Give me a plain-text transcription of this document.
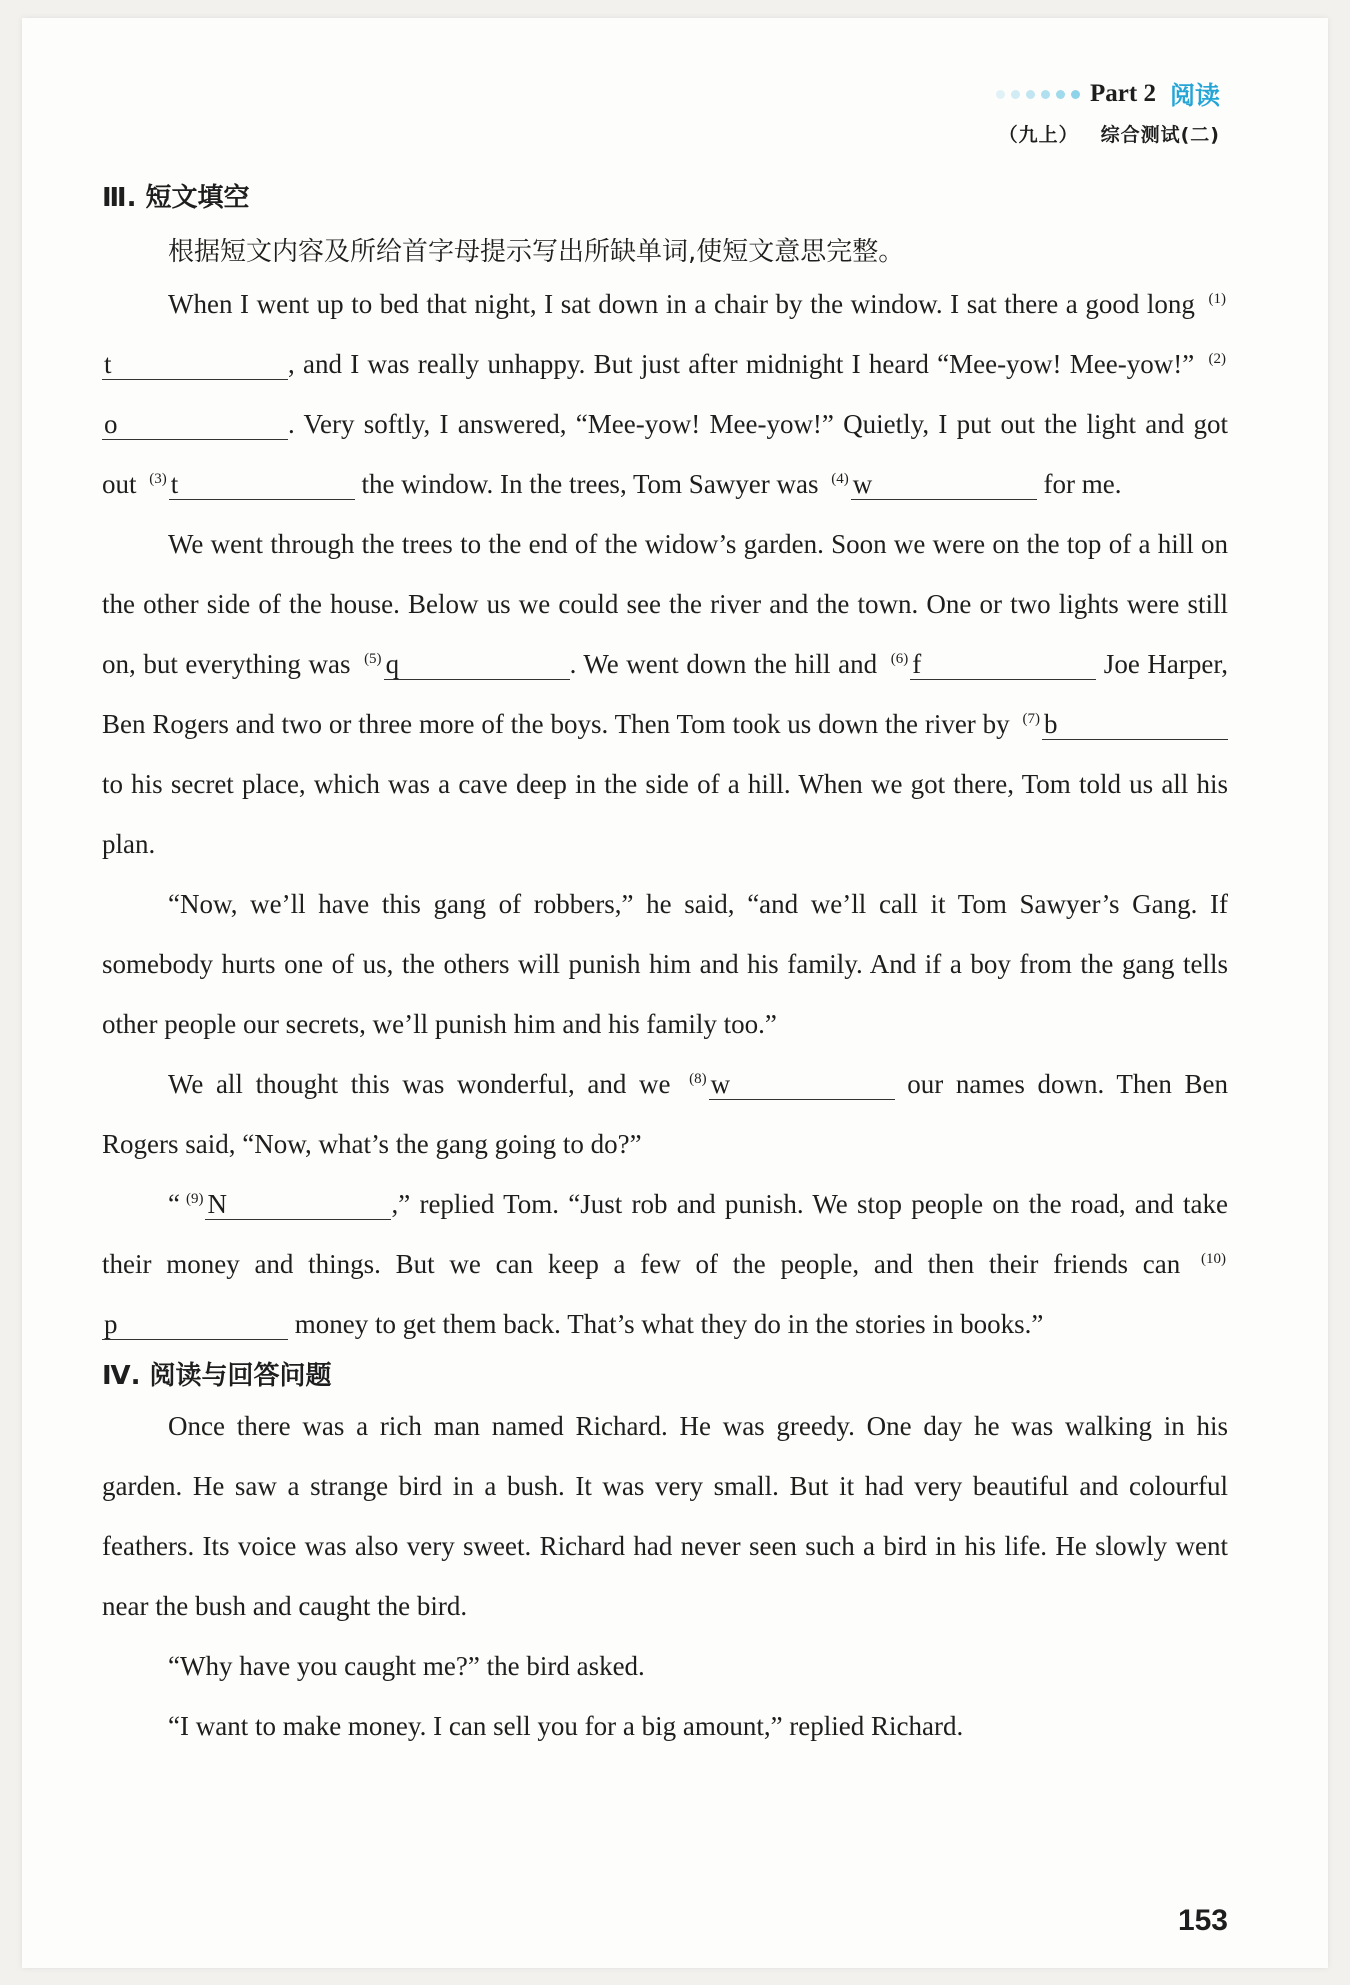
Part 2 阅读
（九上） 综合测试(二)
Ⅲ. 短文填空

根据短文内容及所给首字母提示写出所缺单词,使短文意思完整。

When I went up to bed that night, I sat down in a chair by the window. I sat there a good long $^{(1)}$t	, and I was really unhappy. But just after midnight I heard “Mee-yow! Mee-yow!” $^{(2)}$o	. Very softly, I answered, “Mee-yow! Mee-yow!” Quietly, I put out the light and got out $^{(3)}$ t	the window. In the trees, Tom Sawyer was $^{(4)}$ w	for me.

We went through the trees to the end of the widow’s garden. Soon we were on the top of a hill on the other side of the house. Below us we could see the river and the town. One or two lights were still on, but everything was $^{(5)}$ q	. We went down the hill and $^{(6)}$ f	Joe Harper, Ben Rogers and two or three more of the boys. Then Tom took us down the river by $^{(7)}$ b to his secret place, which was a cave deep in the side of a hill. When we got there, Tom told us all his plan.

“Now, we’ll have this gang of robbers,” he said, “and we’ll call it Tom Sawyer’s Gang. If somebody hurts one of us, the others will punish him and his family. And if a boy from the gang tells other people our secrets, we’ll punish him and his family too.”

We all thought this was wonderful, and we $^{(8)}$ w	our names down. Then Ben Rogers said, “Now, what’s the gang going to do?”

“ $^{(9)}$ N	,” replied Tom. “Just rob and punish. We stop people on the road, and take their money and things. But we can keep a few of the people, and then their friends can $^{(10)}$p	money to get them back. That’s what they do in the stories in books.”

Ⅳ. 阅读与回答问题

Once there was a rich man named Richard. He was greedy. One day he was walking in his garden. He saw a strange bird in a bush. It was very small. But it had very beautiful and colourful feathers. Its voice was also very sweet. Richard had never seen such a bird in his life. He slowly went near the bush and caught the bird.

“Why have you caught me?” the bird asked.

“I want to make money. I can sell you for a big amount,” replied Richard.

153
